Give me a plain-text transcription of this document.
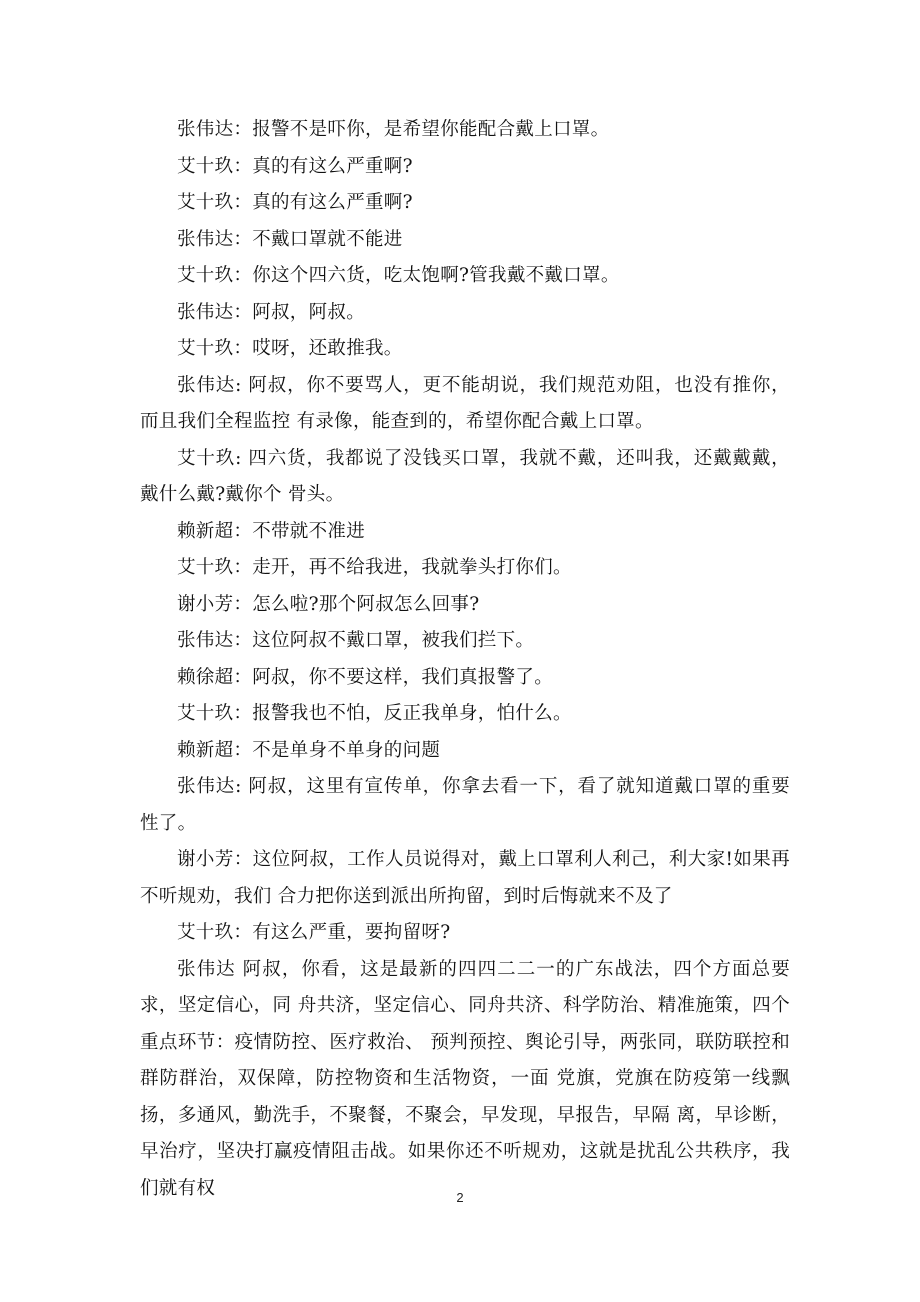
张伟达：报警不是吓你，是希望你能配合戴上口罩。

艾十玖：真的有这么严重啊?

艾十玖：真的有这么严重啊?

张伟达：不戴口罩就不能进

艾十玖：你这个四六货，吃太饱啊?管我戴不戴口罩。

张伟达：阿叔，阿叔。

艾十玖：哎呀，还敢推我。

张伟达: 阿叔，你不要骂人，更不能胡说，我们规范劝阻，也没有推你，而且我们全程监控 有录像，能查到的，希望你配合戴上口罩。

艾十玖: 四六货，我都说了没钱买口罩，我就不戴，还叫我，还戴戴戴，戴什么戴?戴你个 骨头。

赖新超：不带就不准进

艾十玖：走开，再不给我进，我就拳头打你们。

谢小芳：怎么啦?那个阿叔怎么回事?

张伟达：这位阿叔不戴口罩，被我们拦下。

赖徐超：阿叔，你不要这样，我们真报警了。

艾十玖：报警我也不怕，反正我单身，怕什么。

赖新超：不是单身不单身的问题

张伟达: 阿叔，这里有宣传单，你拿去看一下，看了就知道戴口罩的重要性了。

谢小芳：这位阿叔，工作人员说得对，戴上口罩利人利己，利大家!如果再不听规劝，我们 合力把你送到派出所拘留，到时后悔就来不及了

艾十玖：有这么严重，要拘留呀?

张伟达 阿叔，你看，这是最新的四四二二一的广东战法，四个方面总要求，坚定信心，同 舟共济，坚定信心、同舟共济、科学防治、精准施策，四个重点环节：疫情防控、医疗救治、 预判预控、舆论引导，两张同，联防联控和群防群治，双保障，防控物资和生活物资，一面 党旗，党旗在防疫第一线飘扬，多通风，勤洗手，不聚餐，不聚会，早发现，早报告，早隔 离，早诊断，早治疗，坚决打赢疫情阻击战。如果你还不听规劝，这就是扰乱公共秩序，我 们就有权	2
